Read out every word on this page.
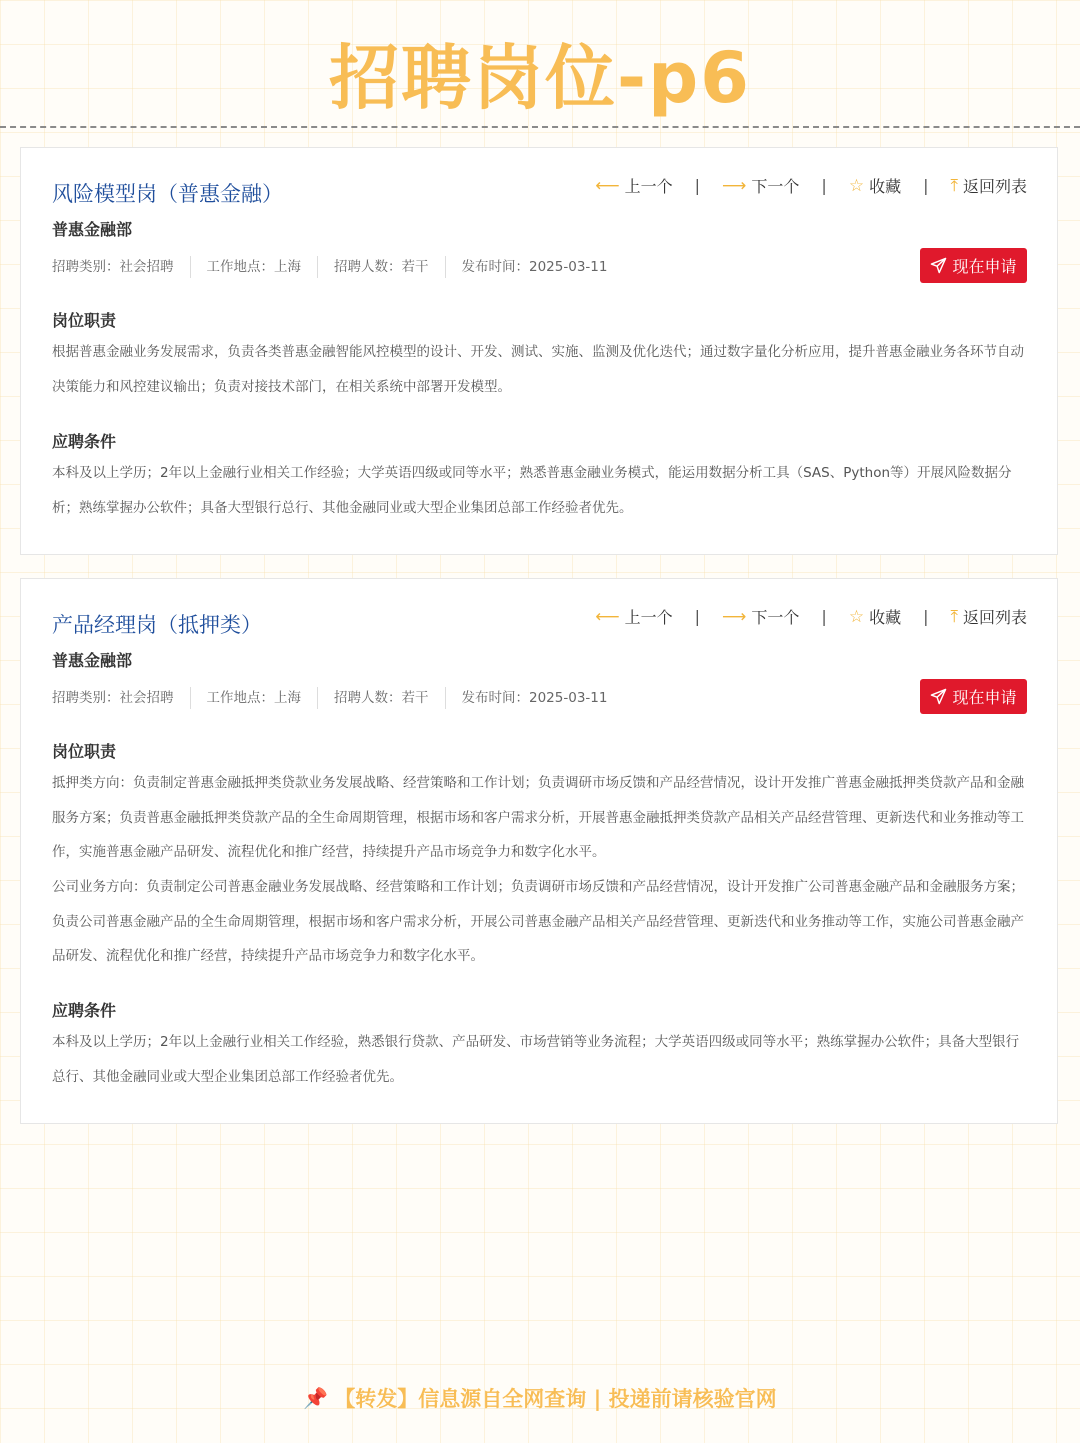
招聘岗位-p6
风险模型岗（普惠金融）
普惠金融部
⟵ 上一个 | ⟶ 下一个 | ☆ 收藏 | ⤒ 返回列表
招聘类别：社会招聘	工作地点：上海	招聘人数：若干	发布时间：2025-03-11	现在申请
岗位职责
根据普惠金融业务发展需求，负责各类普惠金融智能风控模型的设计、开发、测试、实施、监测及优化迭代；通过数字量化分析应用，提升普惠金融业务各环节自动决策能力和风控建议输出；负责对接技术部门，在相关系统中部署开发模型。
应聘条件
本科及以上学历；2年以上金融行业相关工作经验；大学英语四级或同等水平；熟悉普惠金融业务模式，能运用数据分析工具（SAS、Python等）开展风险数据分析；熟练掌握办公软件；具备大型银行总行、其他金融同业或大型企业集团总部工作经验者优先。
产品经理岗（抵押类）
普惠金融部
⟵ 上一个 | ⟶ 下一个 | ☆ 收藏 | ⤒ 返回列表
招聘类别：社会招聘	工作地点：上海	招聘人数：若干	发布时间：2025-03-11	现在申请
岗位职责
抵押类方向：负责制定普惠金融抵押类贷款业务发展战略、经营策略和工作计划；负责调研市场反馈和产品经营情况，设计开发推广普惠金融抵押类贷款产品和金融服务方案；负责普惠金融抵押类贷款产品的全生命周期管理，根据市场和客户需求分析，开展普惠金融抵押类贷款产品相关产品经营管理、更新迭代和业务推动等工作，实施普惠金融产品研发、流程优化和推广经营，持续提升产品市场竞争力和数字化水平。
公司业务方向：负责制定公司普惠金融业务发展战略、经营策略和工作计划；负责调研市场反馈和产品经营情况，设计开发推广公司普惠金融产品和金融服务方案；负责公司普惠金融产品的全生命周期管理，根据市场和客户需求分析，开展公司普惠金融产品相关产品经营管理、更新迭代和业务推动等工作，实施公司普惠金融产品研发、流程优化和推广经营，持续提升产品市场竞争力和数字化水平。
应聘条件
本科及以上学历；2年以上金融行业相关工作经验，熟悉银行贷款、产品研发、市场营销等业务流程；大学英语四级或同等水平；熟练掌握办公软件；具备大型银行总行、其他金融同业或大型企业集团总部工作经验者优先。
📌 【转发】信息源自全网查询 | 投递前请核验官网
